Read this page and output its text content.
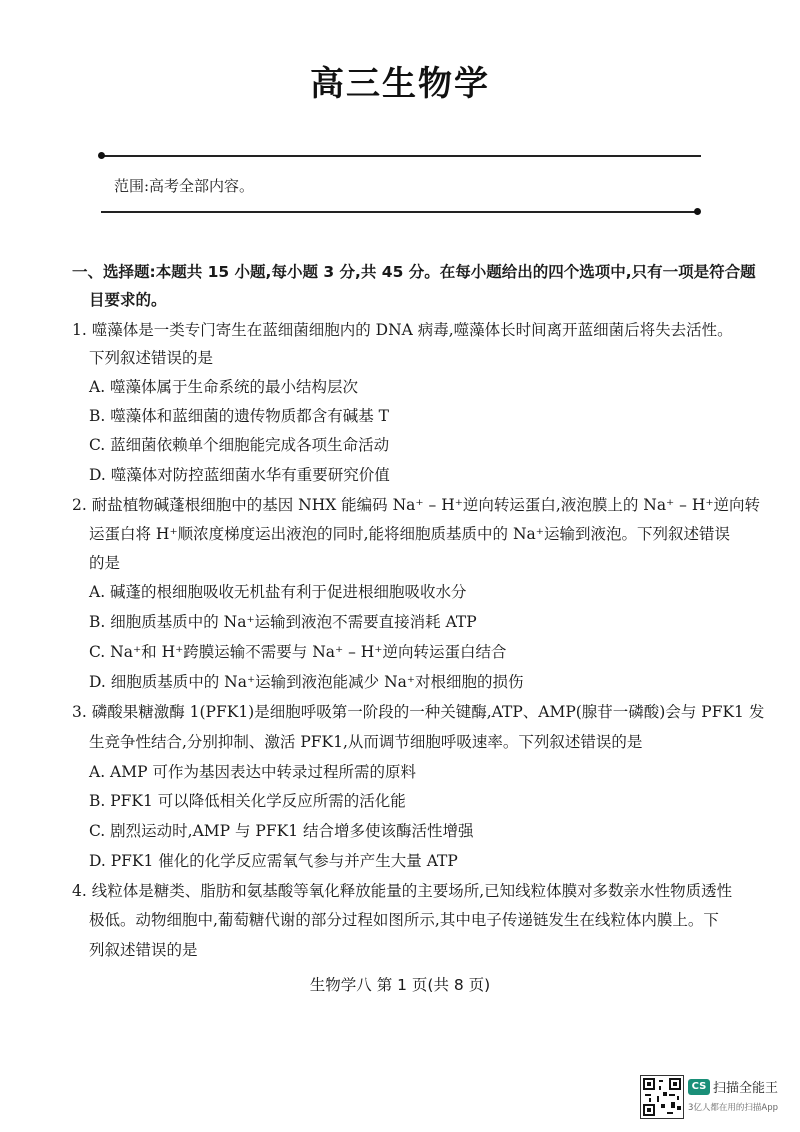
高三生物学
范围:高考全部内容。
一、选择题:本题共 15 小题,每小题 3 分,共 45 分。在每小题给出的四个选项中,只有一项是符合题
目要求的。
1. 噬藻体是一类专门寄生在蓝细菌细胞内的 DNA 病毒,噬藻体长时间离开蓝细菌后将失去活性。
下列叙述错误的是
A. 噬藻体属于生命系统的最小结构层次
B. 噬藻体和蓝细菌的遗传物质都含有碱基 T
C. 蓝细菌依赖单个细胞能完成各项生命活动
D. 噬藻体对防控蓝细菌水华有重要研究价值
2. 耐盐植物碱蓬根细胞中的基因 NHX 能编码 Na⁺ – H⁺逆向转运蛋白,液泡膜上的 Na⁺ – H⁺逆向转
运蛋白将 H⁺顺浓度梯度运出液泡的同时,能将细胞质基质中的 Na⁺运输到液泡。下列叙述错误
的是
A. 碱蓬的根细胞吸收无机盐有利于促进根细胞吸收水分
B. 细胞质基质中的 Na⁺运输到液泡不需要直接消耗 ATP
C. Na⁺和 H⁺跨膜运输不需要与 Na⁺ – H⁺逆向转运蛋白结合
D. 细胞质基质中的 Na⁺运输到液泡能减少 Na⁺对根细胞的损伤
3. 磷酸果糖激酶 1(PFK1)是细胞呼吸第一阶段的一种关键酶,ATP、AMP(腺苷一磷酸)会与 PFK1 发
生竞争性结合,分别抑制、激活 PFK1,从而调节细胞呼吸速率。下列叙述错误的是
A. AMP 可作为基因表达中转录过程所需的原料
B. PFK1 可以降低相关化学反应所需的活化能
C. 剧烈运动时,AMP 与 PFK1 结合增多使该酶活性增强
D. PFK1 催化的化学反应需氧气参与并产生大量 ATP
4. 线粒体是糖类、脂肪和氨基酸等氧化释放能量的主要场所,已知线粒体膜对多数亲水性物质透性
极低。动物细胞中,葡萄糖代谢的部分过程如图所示,其中电子传递链发生在线粒体内膜上。下
列叙述错误的是
生物学八 第 1 页(共 8 页)
CS 扫描全能王
3亿人都在用的扫描App
